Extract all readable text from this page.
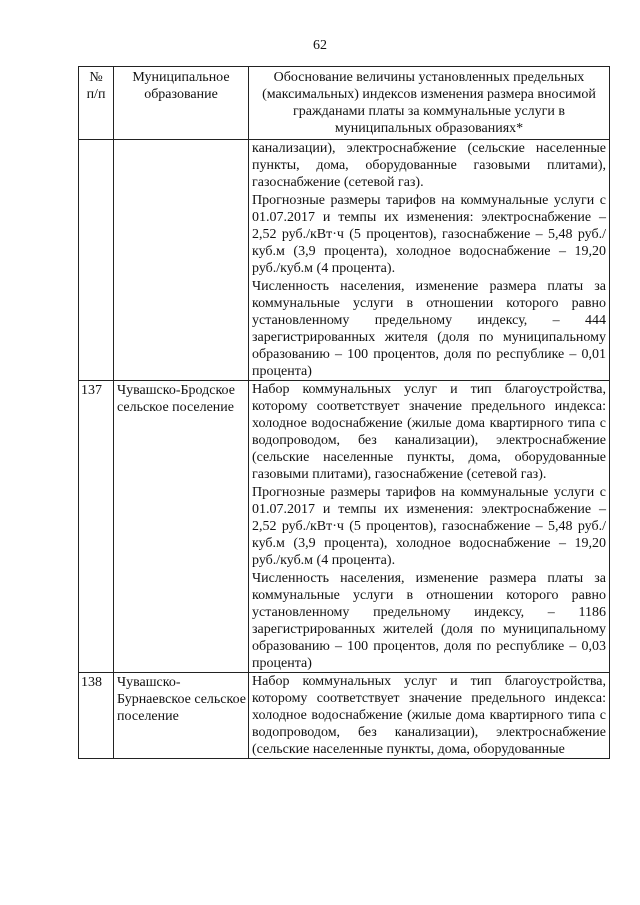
62
№ п/п	Муниципальное образование	Обоснование величины установленных предельных (максимальных) индексов изменения размера вносимой гражданами платы за коммунальные услуги в муниципальных образованиях*

		канализации), электроснабжение (сельские населенные пункты, дома, оборудованные газовыми плитами), газоснабжение (сетевой газ).

Прогнозные размеры тарифов на коммунальные услуги с 01.07.2017 и темпы их изменения: электроснабжение – 2,52 руб./кВт·ч (5 процентов), газоснабжение – 5,48 руб./куб.м (3,9 процента), холодное водоснабжение – 19,20 руб./куб.м (4 процента).

Численность населения, изменение размера платы за коммунальные услуги в отношении которого равно установленному предельному индексу, – 444 зарегистрированных жителя (доля по муниципальному образованию – 100 процентов, доля по республике – 0,01 процента)

137	Чувашско-Бродское сельское поселение	Набор коммунальных услуг и тип благоустройства, которому соответствует значение предельного индекса: холодное водоснабжение (жилые дома квартирного типа с водопроводом, без канализации), электроснабжение (сельские населенные пункты, дома, оборудованные газовыми плитами), газоснабжение (сетевой газ).

Прогнозные размеры тарифов на коммунальные услуги с 01.07.2017 и темпы их изменения: электроснабжение – 2,52 руб./кВт·ч (5 процентов), газоснабжение – 5,48 руб./куб.м (3,9 процента), холодное водоснабжение – 19,20 руб./куб.м (4 процента).

Численность населения, изменение размера платы за коммунальные услуги в отношении которого равно установленному предельному индексу, – 1186 зарегистрированных жителей (доля по муниципальному образованию – 100 процентов, доля по республике – 0,03 процента)

138	Чувашско-Бурнаевское сельское поселение	Набор коммунальных услуг и тип благоустройства, которому соответствует значение предельного индекса: холодное водоснабжение (жилые дома квартирного типа с водопроводом, без канализации), электроснабжение (сельские населенные пункты, дома, оборудованные
